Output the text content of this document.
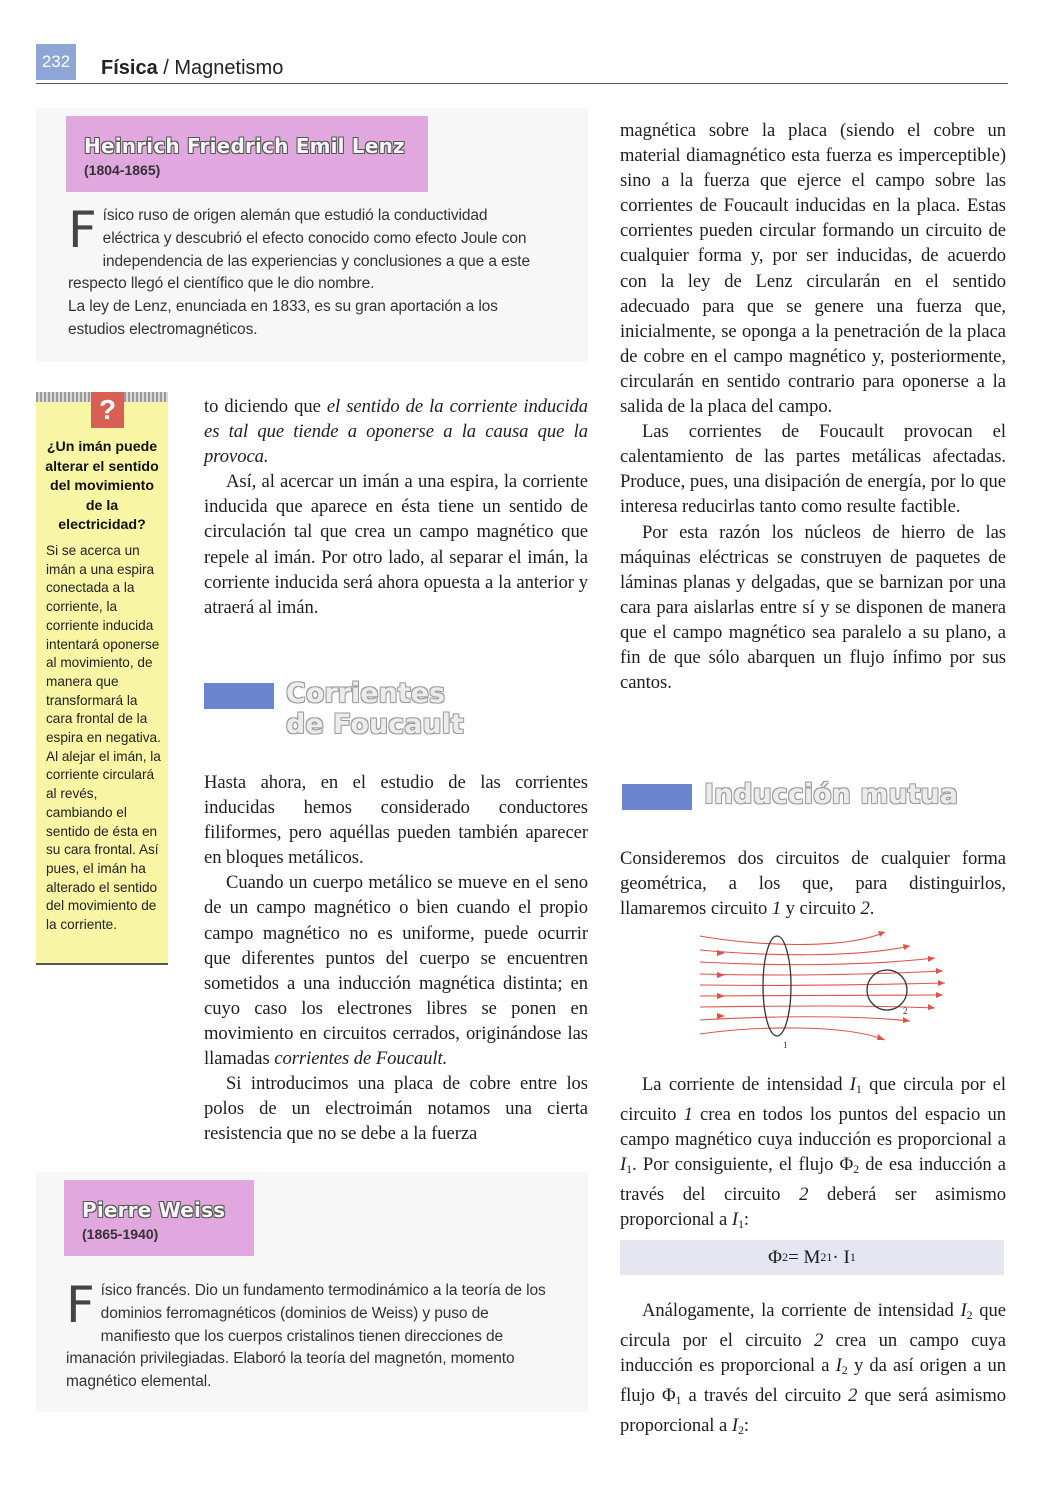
232 Física / Magnetismo
Heinrich Friedrich Emil Lenz
(1804-1865)
Físico ruso de origen alemán que estudió la conductividad eléctrica y descubrió el efecto conocido como efecto Joule con independencia de las experiencias y conclusiones a que a este respecto llegó el científico que le dio nombre.
La ley de Lenz, enunciada en 1833, es su gran aportación a los estudios electromagnéticos.
?
¿Un imán puede alterar el sentido del movimiento de la electricidad?
Si se acerca un imán a una espira conectada a la corriente, la corriente inducida intentará oponerse al movimiento, de manera que transformará la cara frontal de la espira en negativa. Al alejar el imán, la corriente circulará al revés, cambiando el sentido de ésta en su cara frontal. Así pues, el imán ha alterado el sentido del movimiento de la corriente.

to diciendo que el sentido de la corriente inducida es tal que tiende a oponerse a la causa que la provoca.

Así, al acercar un imán a una espira, la corriente inducida que aparece en ésta tiene un sentido de circulación tal que crea un campo magnético que repele al imán. Por otro lado, al separar el imán, la corriente inducida será ahora opuesta a la anterior y atraerá al imán.

Corrientes
de Foucault

Hasta ahora, en el estudio de las corrientes inducidas hemos considerado conductores filiformes, pero aquéllas pueden también aparecer en bloques metálicos.

Cuando un cuerpo metálico se mueve en el seno de un campo magnético o bien cuando el propio campo magnético no es uniforme, puede ocurrir que diferentes puntos del cuerpo se encuentren sometidos a una inducción magnética distinta; en cuyo caso los electrones libres se ponen en movimiento en circuitos cerrados, originándose las llamadas corrientes de Foucault.

Si introducimos una placa de cobre entre los polos de un electroimán notamos una cierta resistencia que no se debe a la fuerza

Pierre Weiss
(1865-1940)
Físico francés. Dio un fundamento termodinámico a la teoría de los dominios ferromagnéticos (dominios de Weiss) y puso de manifiesto que los cuerpos cristalinos tienen direcciones de imanación privilegiadas. Elaboró la teoría del magnetón, momento magnético elemental.

magnética sobre la placa (siendo el cobre un material diamagnético esta fuerza es imperceptible) sino a la fuerza que ejerce el campo sobre las corrientes de Foucault inducidas en la placa. Estas corrientes pueden circular formando un circuito de cualquier forma y, por ser inducidas, de acuerdo con la ley de Lenz circularán en el sentido adecuado para que se genere una fuerza que, inicialmente, se oponga a la penetración de la placa de cobre en el campo magnético y, posteriormente, circularán en sentido contrario para oponerse a la salida de la placa del campo.

Las corrientes de Foucault provocan el calentamiento de las partes metálicas afectadas. Produce, pues, una disipación de energía, por lo que interesa reducirlas tanto como resulte factible.

Por esta razón los núcleos de hierro de las máquinas eléctricas se construyen de paquetes de láminas planas y delgadas, que se barnizan por una cara para aislarlas entre sí y se disponen de manera que el campo magnético sea paralelo a su plano, a fin de que sólo abarquen un flujo ínfimo por sus cantos.

Inducción mutua

Consideremos dos circuitos de cualquier forma geométrica, a los que, para distinguirlos, llamaremos circuito 1 y circuito 2.

1
2

La corriente de intensidad $I_1$ que circula por el circuito 1 crea en todos los puntos del espacio un campo magnético cuya inducción es proporcional a $I_1$. Por consiguiente, el flujo $\Phi_2$ de esa inducción a través del circuito 2 deberá ser asimismo proporcional a $I_1$:

Φ 2 = M 21 · I 1

Análogamente, la corriente de intensidad $I_2$ que circula por el circuito 2 crea un campo cuya inducción es proporcional a $I_2$ y da así origen a un flujo $\Phi_1$ a través del circuito 2 que será asimismo proporcional a $I_2$:
